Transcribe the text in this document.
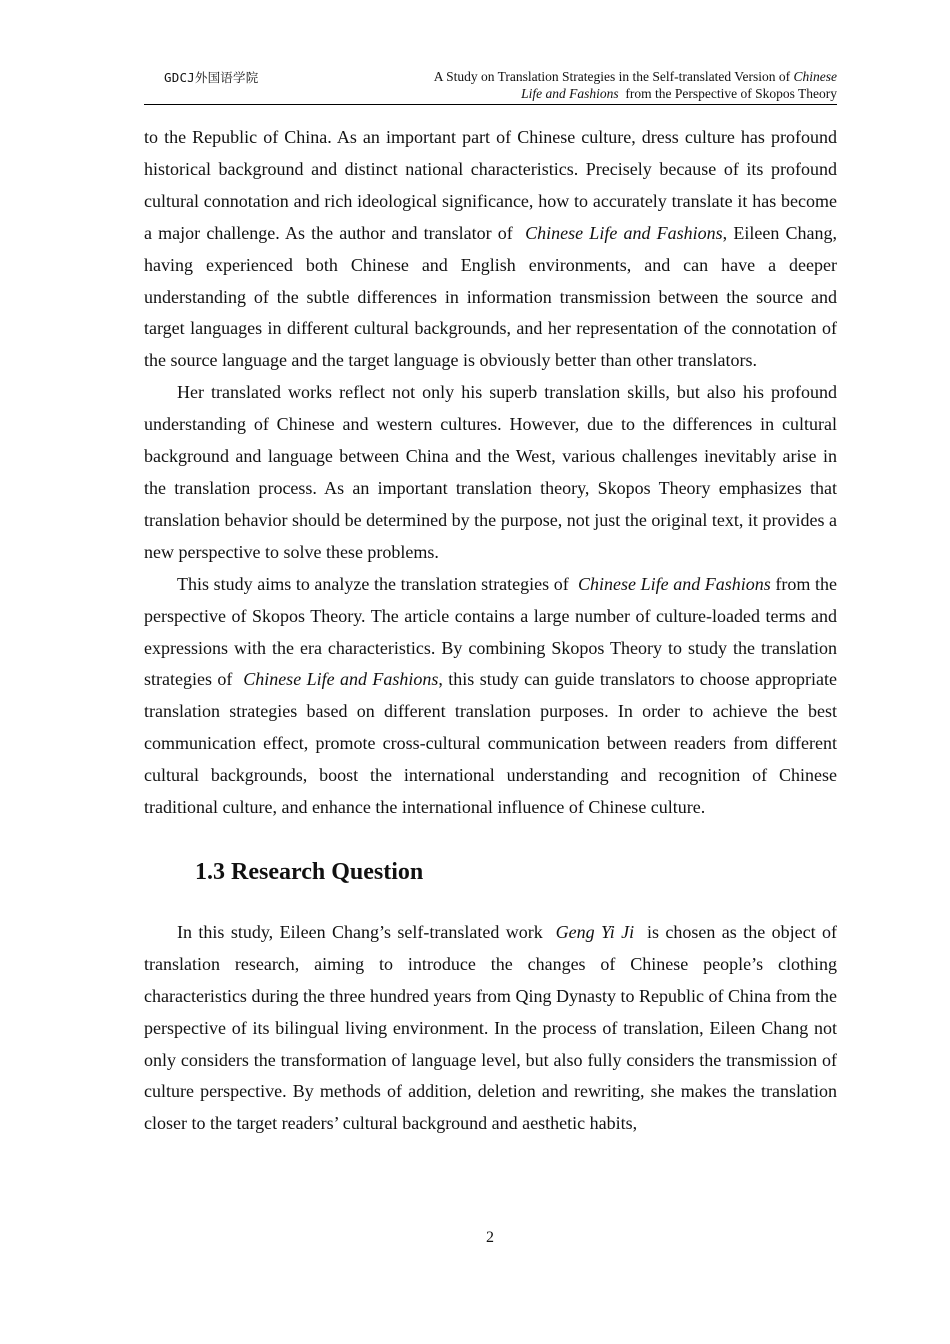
GDCJ外国语学院	A Study on Translation Strategies in the Self-translated Version of Chinese
Life and Fashions from the Perspective of Skopos Theory

to the Republic of China. As an important part of Chinese culture, dress culture has profound historical background and distinct national characteristics. Precisely because of its profound cultural connotation and rich ideological significance, how to accurately translate it has become a major challenge. As the author and translator of  Chinese Life and Fashions, Eileen Chang, having experienced both Chinese and English environments, and can have a deeper understanding of the subtle differences in information transmission between the source and target languages in different cultural backgrounds, and her representation of the connotation of the source language and the target language is obviously better than other translators.

Her translated works reflect not only his superb translation skills, but also his profound understanding of Chinese and western cultures. However, due to the differences in cultural background and language between China and the West, various challenges inevitably arise in the translation process. As an important translation theory, Skopos Theory emphasizes that translation behavior should be determined by the purpose, not just the original text, it provides a new perspective to solve these problems.

This study aims to analyze the translation strategies of  Chinese Life and Fashions from the perspective of Skopos Theory. The article contains a large number of culture-loaded terms and expressions with the era characteristics. By combining Skopos Theory to study the translation strategies of  Chinese Life and Fashions, this study can guide translators to choose appropriate translation strategies based on different translation purposes. In order to achieve the best communication effect, promote cross-cultural communication between readers from different cultural backgrounds, boost the international understanding and recognition of Chinese traditional culture, and enhance the international influence of Chinese culture.

1.3 Research Question

In this study, Eileen Chang’s self-translated work  Geng Yi Ji  is chosen as the object of translation research, aiming to introduce the changes of Chinese people’s clothing characteristics during the three hundred years from Qing Dynasty to Republic of China from the perspective of its bilingual living environment. In the process of translation, Eileen Chang not only considers the transformation of language level, but also fully considers the transmission of culture perspective. By methods of addition, deletion and rewriting, she makes the translation closer to the target readers’ cultural background and aesthetic habits,

2
